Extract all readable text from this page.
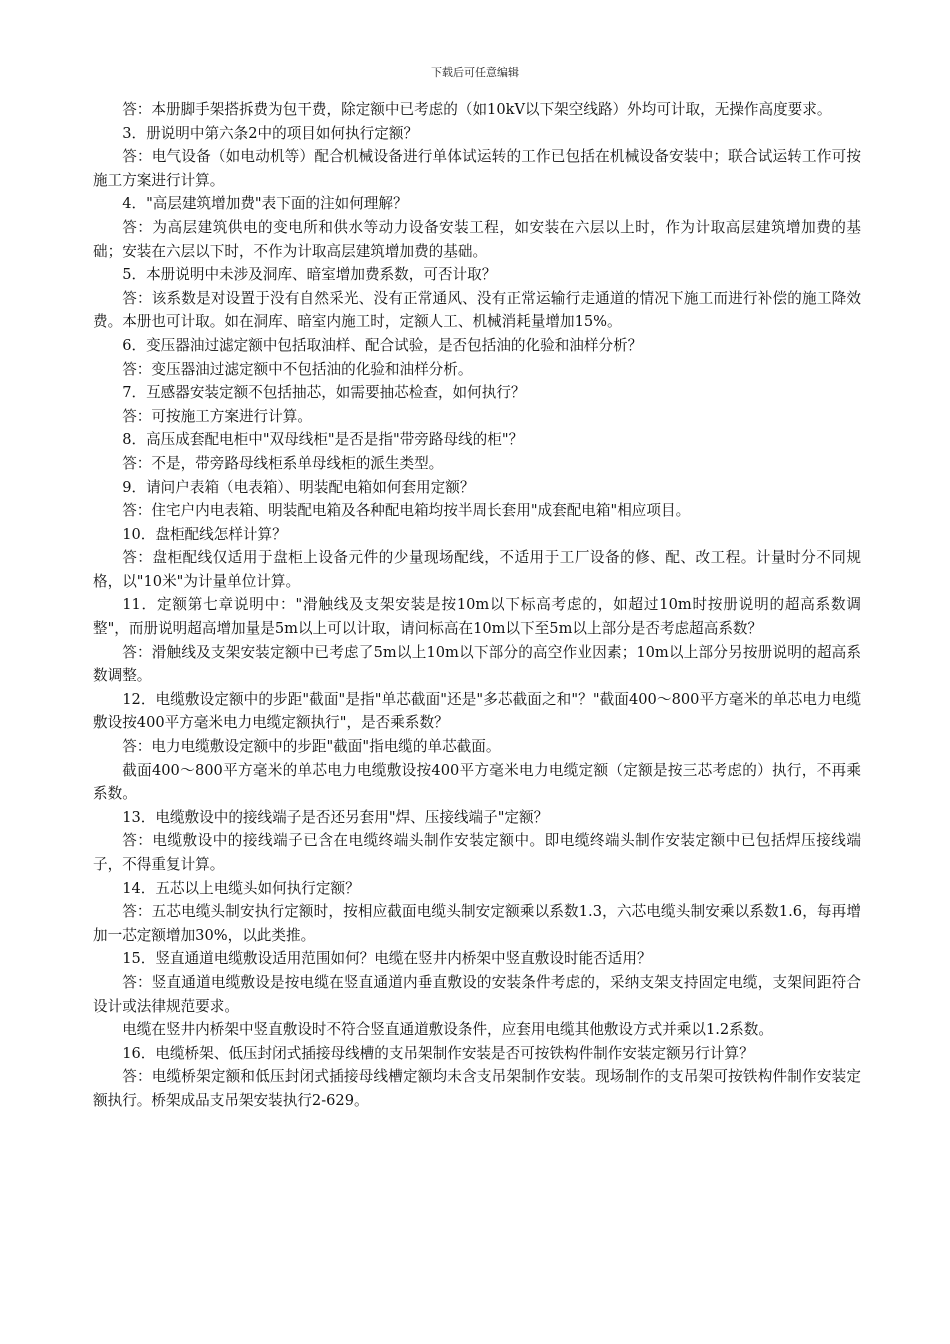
下载后可任意编辑

答：本册脚手架搭拆费为包干费，除定额中已考虑的（如10kV以下架空线路）外均可计取，无操作高度要求。

3．册说明中第六条2中的项目如何执行定额？

答：电气设备（如电动机等）配合机械设备进行单体试运转的工作已包括在机械设备安装中；联合试运转工作可按施工方案进行计算。

4．"高层建筑增加费"表下面的注如何理解？

答：为高层建筑供电的变电所和供水等动力设备安装工程，如安装在六层以上时，作为计取高层建筑增加费的基础；安装在六层以下时，不作为计取高层建筑增加费的基础。

5．本册说明中未涉及洞库、暗室增加费系数，可否计取？

答：该系数是对设置于没有自然采光、没有正常通风、没有正常运输行走通道的情况下施工而进行补偿的施工降效费。本册也可计取。如在洞库、暗室内施工时，定额人工、机械消耗量增加15%。

6．变压器油过滤定额中包括取油样、配合试验，是否包括油的化验和油样分析？

答：变压器油过滤定额中不包括油的化验和油样分析。

7．互感器安装定额不包括抽芯，如需要抽芯检查，如何执行？

答：可按施工方案进行计算。

8．高压成套配电柜中"双母线柜"是否是指"带旁路母线的柜"？

答：不是，带旁路母线柜系单母线柜的派生类型。

9．请问户表箱（电表箱）、明装配电箱如何套用定额？

答：住宅户内电表箱、明装配电箱及各种配电箱均按半周长套用"成套配电箱"相应项目。

10．盘柜配线怎样计算？

答：盘柜配线仅适用于盘柜上设备元件的少量现场配线，不适用于工厂设备的修、配、改工程。计量时分不同规格，以"10米"为计量单位计算。

11．定额第七章说明中："滑触线及支架安装是按10m以下标高考虑的，如超过10m时按册说明的超高系数调整"，而册说明超高增加量是5m以上可以计取，请问标高在10m以下至5m以上部分是否考虑超高系数？

答：滑触线及支架安装定额中已考虑了5m以上10m以下部分的高空作业因素；10m以上部分另按册说明的超高系数调整。

12．电缆敷设定额中的步距"截面"是指"单芯截面"还是"多芯截面之和"？"截面400～800平方毫米的单芯电力电缆敷设按400平方毫米电力电缆定额执行"，是否乘系数？

答：电力电缆敷设定额中的步距"截面"指电缆的单芯截面。

截面400～800平方毫米的单芯电力电缆敷设按400平方毫米电力电缆定额（定额是按三芯考虑的）执行，不再乘系数。

13．电缆敷设中的接线端子是否还另套用"焊、压接线端子"定额？

答：电缆敷设中的接线端子已含在电缆终端头制作安装定额中。即电缆终端头制作安装定额中已包括焊压接线端子，不得重复计算。

14．五芯以上电缆头如何执行定额？

答：五芯电缆头制安执行定额时，按相应截面电缆头制安定额乘以系数1.3，六芯电缆头制安乘以系数1.6，每再增加一芯定额增加30%，以此类推。

15．竖直通道电缆敷设适用范围如何？电缆在竖井内桥架中竖直敷设时能否适用？

答：竖直通道电缆敷设是按电缆在竖直通道内垂直敷设的安装条件考虑的，采纳支架支持固定电缆，支架间距符合设计或法律规范要求。

电缆在竖井内桥架中竖直敷设时不符合竖直通道敷设条件，应套用电缆其他敷设方式并乘以1.2系数。

16．电缆桥架、低压封闭式插接母线槽的支吊架制作安装是否可按铁构件制作安装定额另行计算？

答：电缆桥架定额和低压封闭式插接母线槽定额均未含支吊架制作安装。现场制作的支吊架可按铁构件制作安装定额执行。桥架成品支吊架安装执行2-629。
